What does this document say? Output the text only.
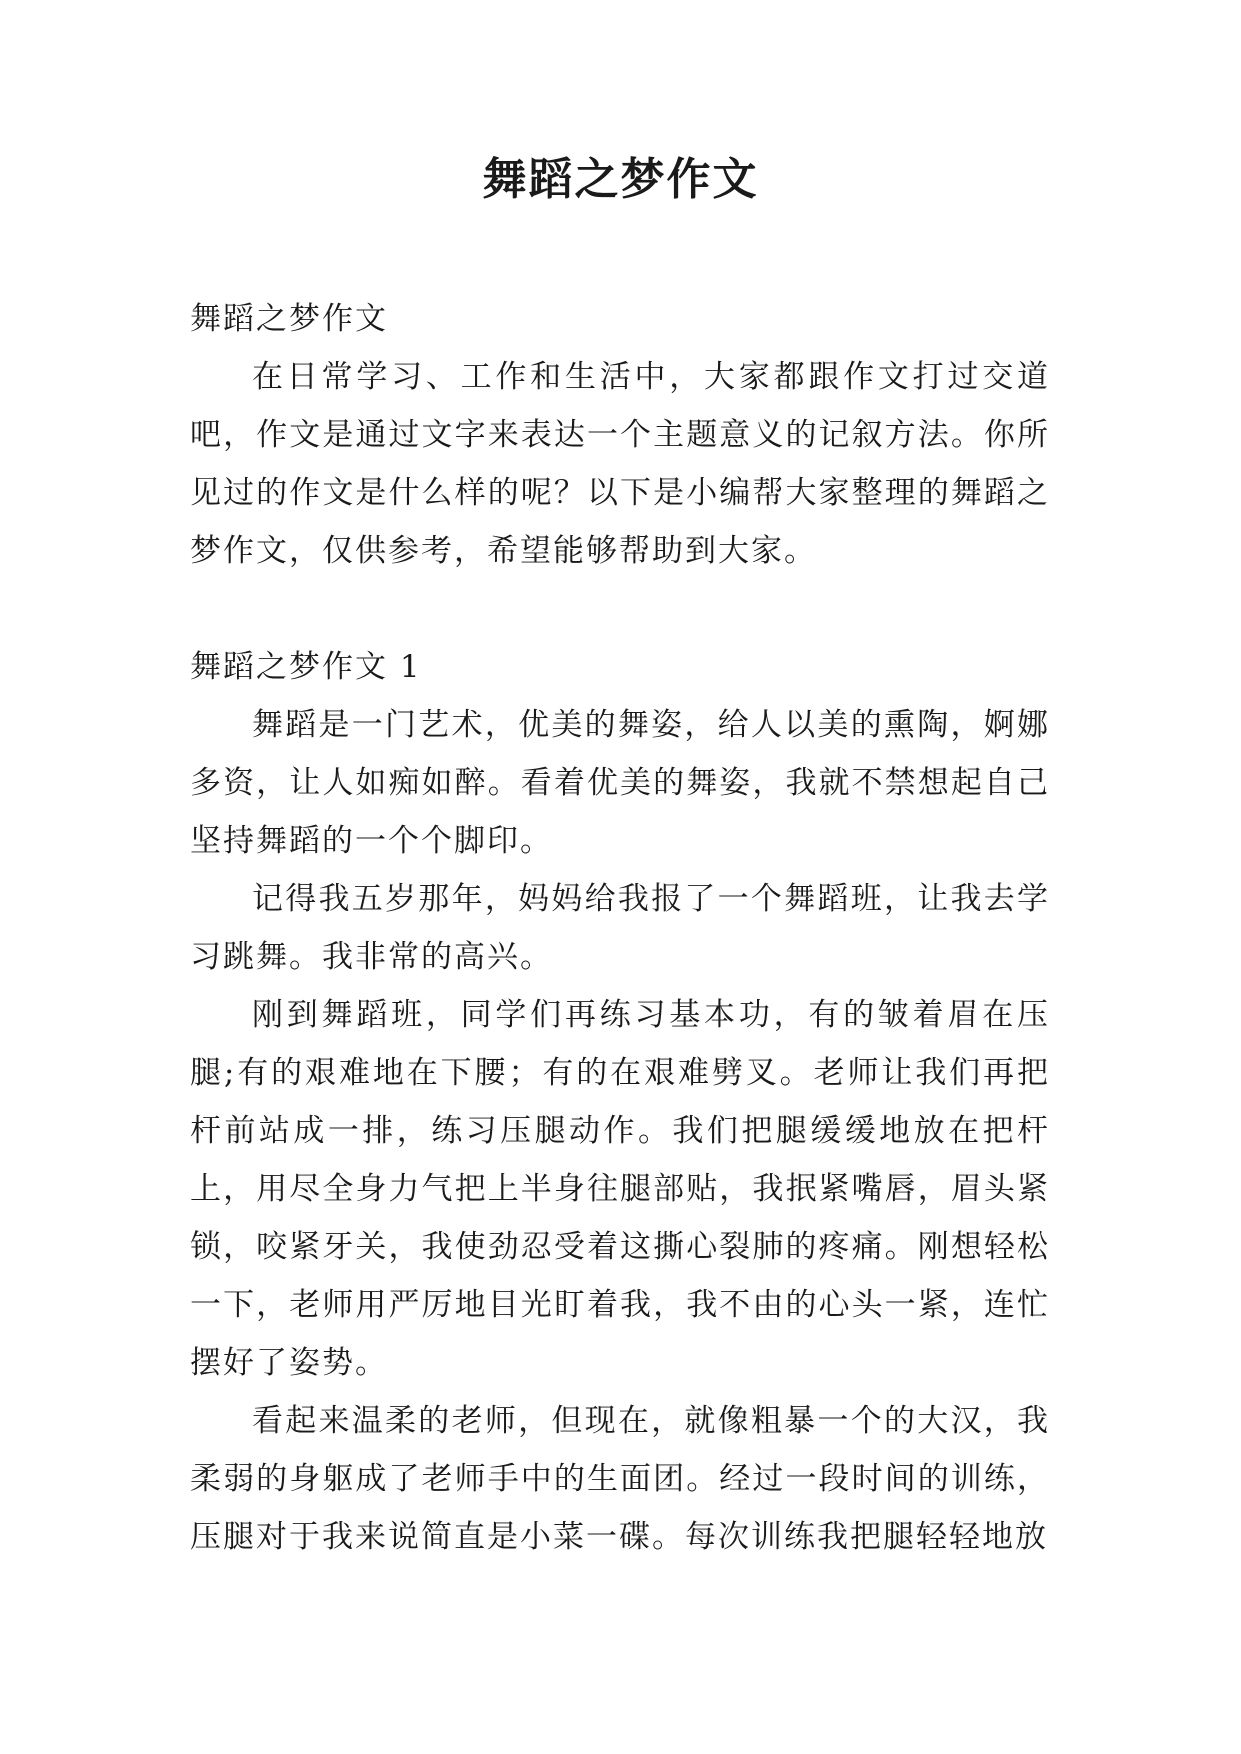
舞蹈之梦作文

舞蹈之梦作文

在日常学习、工作和生活中，大家都跟作文打过交道吧，作文是通过文字来表达一个主题意义的记叙方法。你所见过的作文是什么样的呢？以下是小编帮大家整理的舞蹈之梦作文，仅供参考，希望能够帮助到大家。

舞蹈之梦作文 1

舞蹈是一门艺术，优美的舞姿，给人以美的熏陶，婀娜多资，让人如痴如醉。看着优美的舞姿，我就不禁想起自己坚持舞蹈的一个个脚印。

记得我五岁那年，妈妈给我报了一个舞蹈班，让我去学习跳舞。我非常的高兴。

刚到舞蹈班，同学们再练习基本功，有的皱着眉在压腿;有的艰难地在下腰；有的在艰难劈叉。老师让我们再把杆前站成一排，练习压腿动作。我们把腿缓缓地放在把杆上，用尽全身力气把上半身往腿部贴，我抿紧嘴唇，眉头紧锁，咬紧牙关，我使劲忍受着这撕心裂肺的疼痛。刚想轻松一下，老师用严厉地目光盯着我，我不由的心头一紧，连忙摆好了姿势。

看起来温柔的老师，但现在，就像粗暴一个的大汉，我柔弱的身躯成了老师手中的生面团。经过一段时间的训练，压腿对于我来说简直是小菜一碟。每次训练我把腿轻轻地放
